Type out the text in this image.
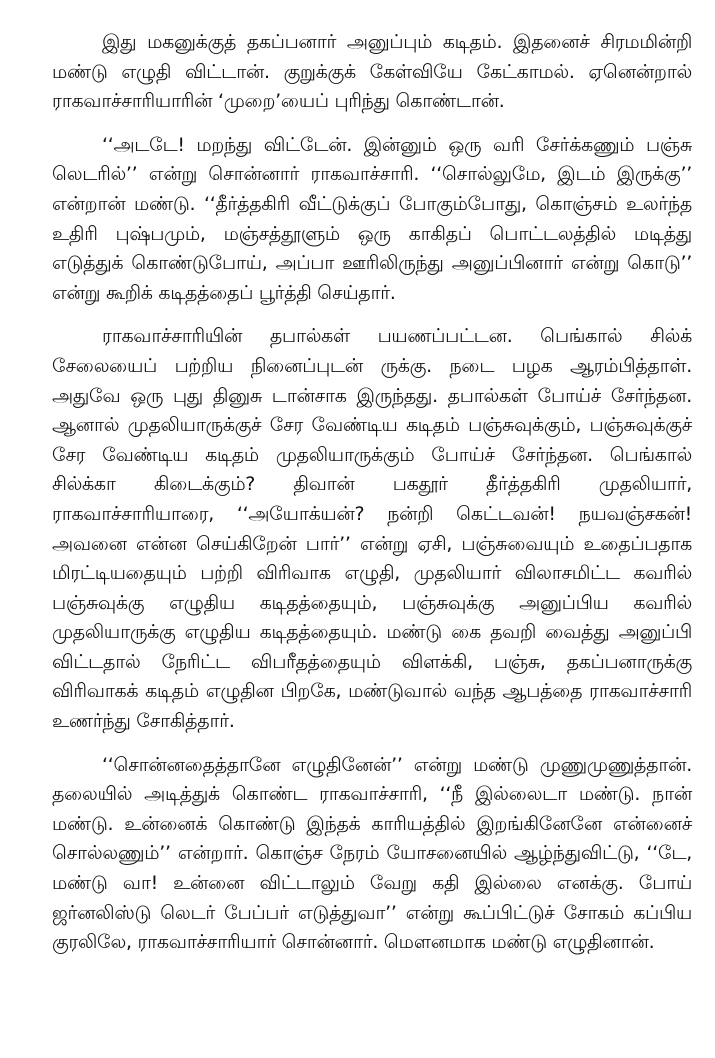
இது மகனுக்குத் தகப்பனார் அனுப்பும் கடிதம். இதனைச் சிரமமின்றி மண்டு எழுதி விட்டான். குறுக்குக் கேள்வியே கேட்காமல். ஏனென்றால் ராகவாச்சாரியாரின் ‘முறை’யைப் புரிந்து கொண்டான்.

‘‘அடடே! மறந்து விட்டேன். இன்னும் ஒரு வரி சேர்க்கணும் பஞ்சு லெடரில்’’ என்று சொன்னார் ராகவாச்சாரி. ‘‘சொல்லுமே, இடம் இருக்கு’’ என்றான் மண்டு. ‘‘தீர்த்தகிரி வீட்டுக்குப் போகும்போது, கொஞ்சம் உலர்ந்த உதிரி புஷ்பமும், மஞ்சத்தூளும் ஒரு காகிதப் பொட்டலத்தில் மடித்து எடுத்துக் கொண்டுபோய், அப்பா ஊரிலிருந்து அனுப்பினார் என்று கொடு’’ என்று கூறிக் கடிதத்தைப் பூர்த்தி செய்தார்.

ராகவாச்சாரியின் தபால்கள் பயணப்பட்டன. பெங்கால் சில்க் சேலையைப் பற்றிய நினைப்புடன் ருக்கு. நடை பழக ஆரம்பித்தாள். அதுவே ஒரு புது தினுசு டான்சாக இருந்தது. தபால்கள் போய்ச் சேர்ந்தன. ஆனால் முதலியாருக்குச் சேர வேண்டிய கடிதம் பஞ்சுவுக்கும், பஞ்சுவுக்குச் சேர வேண்டிய கடிதம் முதலியாருக்கும் போய்ச் சேர்ந்தன. பெங்கால் சில்க்கா கிடைக்கும்? திவான் பகதூர் தீர்த்தகிரி முதலியார், ராகவாச்சாரியாரை, ‘‘அயோக்யன்? நன்றி கெட்டவன்! நயவஞ்சகன்! அவனை என்ன செய்கிறேன் பார்’’ என்று ஏசி, பஞ்சுவையும் உதைப்பதாக மிரட்டியதையும் பற்றி விரிவாக எழுதி, முதலியார் விலாசமிட்ட கவரில் பஞ்சுவுக்கு எழுதிய கடிதத்தையும், பஞ்சுவுக்கு அனுப்பிய கவரில் முதலியாருக்கு எழுதிய கடிதத்தையும். மண்டு கை தவறி வைத்து அனுப்பி விட்டதால் நேரிட்ட விபரீதத்தையும் விளக்கி, பஞ்சு, தகப்பனாருக்கு விரிவாகக் கடிதம் எழுதின பிறகே, மண்டுவால் வந்த ஆபத்தை ராகவாச்சாரி உணர்ந்து சோகித்தார்.

‘‘சொன்னதைத்தானே எழுதினேன்’’ என்று மண்டு முணுமுணுத்தான். தலையில் அடித்துக் கொண்ட ராகவாச்சாரி, ‘‘நீ இல்லைடா மண்டு. நான் மண்டு. உன்னைக் கொண்டு இந்தக் காரியத்தில் இறங்கினேனே என்னைச் சொல்லணும்’’ என்றார். கொஞ்ச நேரம் யோசனையில் ஆழ்ந்துவிட்டு, ‘‘டே, மண்டு வா! உன்னை விட்டாலும் வேறு கதி இல்லை எனக்கு. போய் ஜர்னலிஸ்டு லெடர் பேப்பர் எடுத்துவா’’ என்று கூப்பிட்டுச் சோகம் கப்பிய குரலிலே, ராகவாச்சாரியார் சொன்னார். மௌனமாக மண்டு எழுதினான்.
